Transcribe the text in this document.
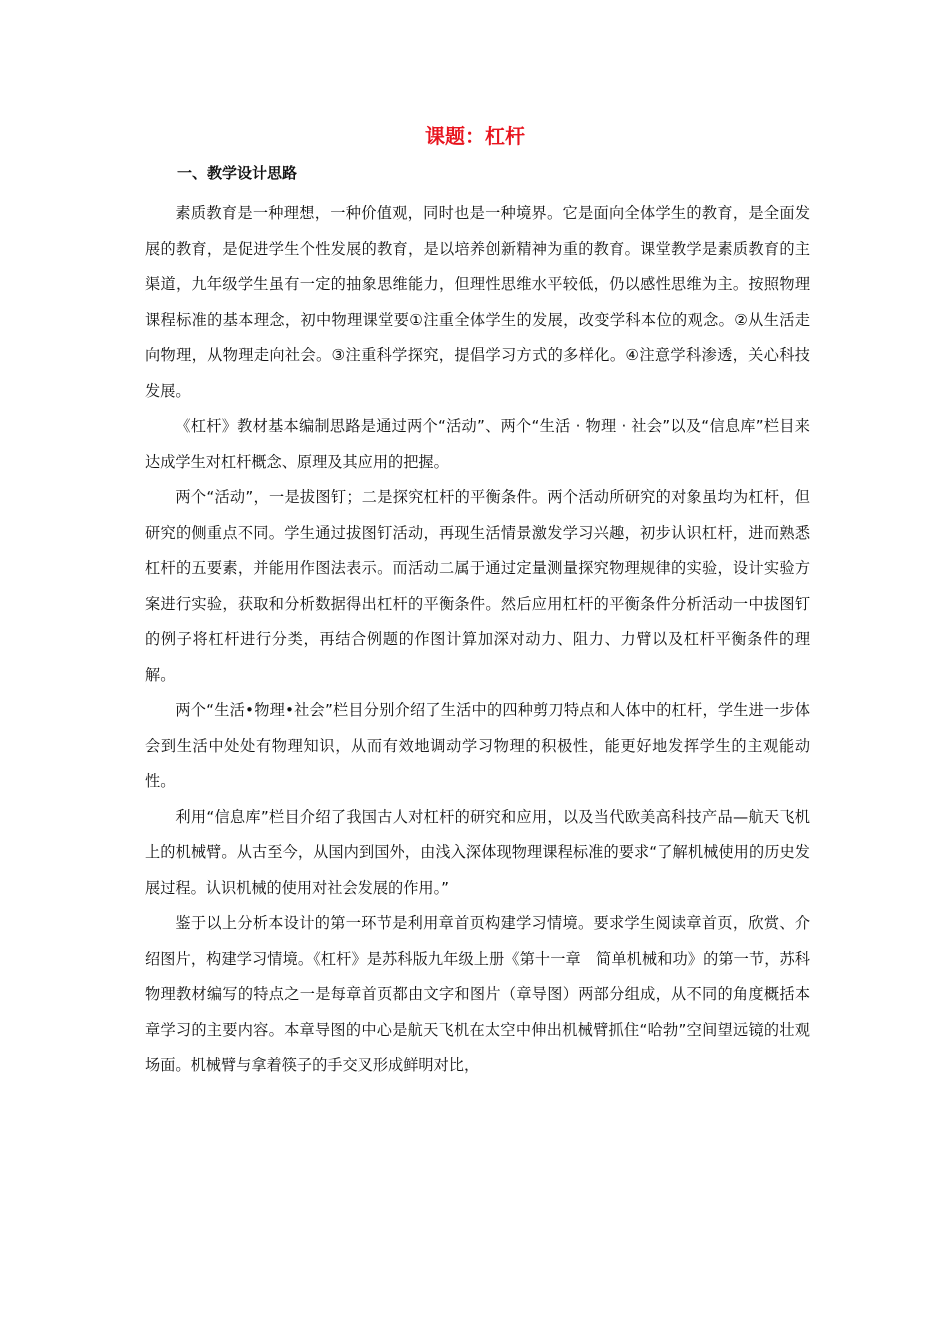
课题：杠杆
一、教学设计思路

素质教育是一种理想，一种价值观，同时也是一种境界。它是面向全体学生的教育，是全面发展的教育，是促进学生个性发展的教育，是以培养创新精神为重的教育。课堂教学是素质教育的主渠道，九年级学生虽有一定的抽象思维能力，但理性思维水平较低，仍以感性思维为主。按照物理课程标准的基本理念，初中物理课堂要①注重全体学生的发展，改变学科本位的观念。②从生活走向物理，从物理走向社会。③注重科学探究，提倡学习方式的多样化。④注意学科渗透，关心科技发展。

《杠杆》教材基本编制思路是通过两个“活动”、两个“生活 · 物理 · 社会”以及“信息库”栏目来达成学生对杠杆概念、原理及其应用的把握。

两个“活动”，一是拔图钉；二是探究杠杆的平衡条件。两个活动所研究的对象虽均为杠杆，但研究的侧重点不同。学生通过拔图钉活动，再现生活情景激发学习兴趣，初步认识杠杆，进而熟悉杠杆的五要素，并能用作图法表示。而活动二属于通过定量测量探究物理规律的实验，设计实验方案进行实验，获取和分析数据得出杠杆的平衡条件。然后应用杠杆的平衡条件分析活动一中拔图钉的例子将杠杆进行分类，再结合例题的作图计算加深对动力、阻力、力臂以及杠杆平衡条件的理解。

两个“生活•物理•社会”栏目分别介绍了生活中的四种剪刀特点和人体中的杠杆，学生进一步体会到生活中处处有物理知识，从而有效地调动学习物理的积极性，能更好地发挥学生的主观能动性。

利用“信息库”栏目介绍了我国古人对杠杆的研究和应用，以及当代欧美高科技产品—航天飞机上的机械臂。从古至今，从国内到国外，由浅入深体现物理课程标准的要求“了解机械使用的历史发展过程。认识机械的使用对社会发展的作用。”

鉴于以上分析本设计的第一环节是利用章首页构建学习情境。要求学生阅读章首页，欣赏、介绍图片，构建学习情境。《杠杆》是苏科版九年级上册《第十一章　简单机械和功》的第一节，苏科物理教材编写的特点之一是每章首页都由文字和图片（章导图）两部分组成，从不同的角度概括本章学习的主要内容。本章导图的中心是航天飞机在太空中伸出机械臂抓住“哈勃”空间望远镜的壮观场面。机械臂与拿着筷子的手交叉形成鲜明对比，
